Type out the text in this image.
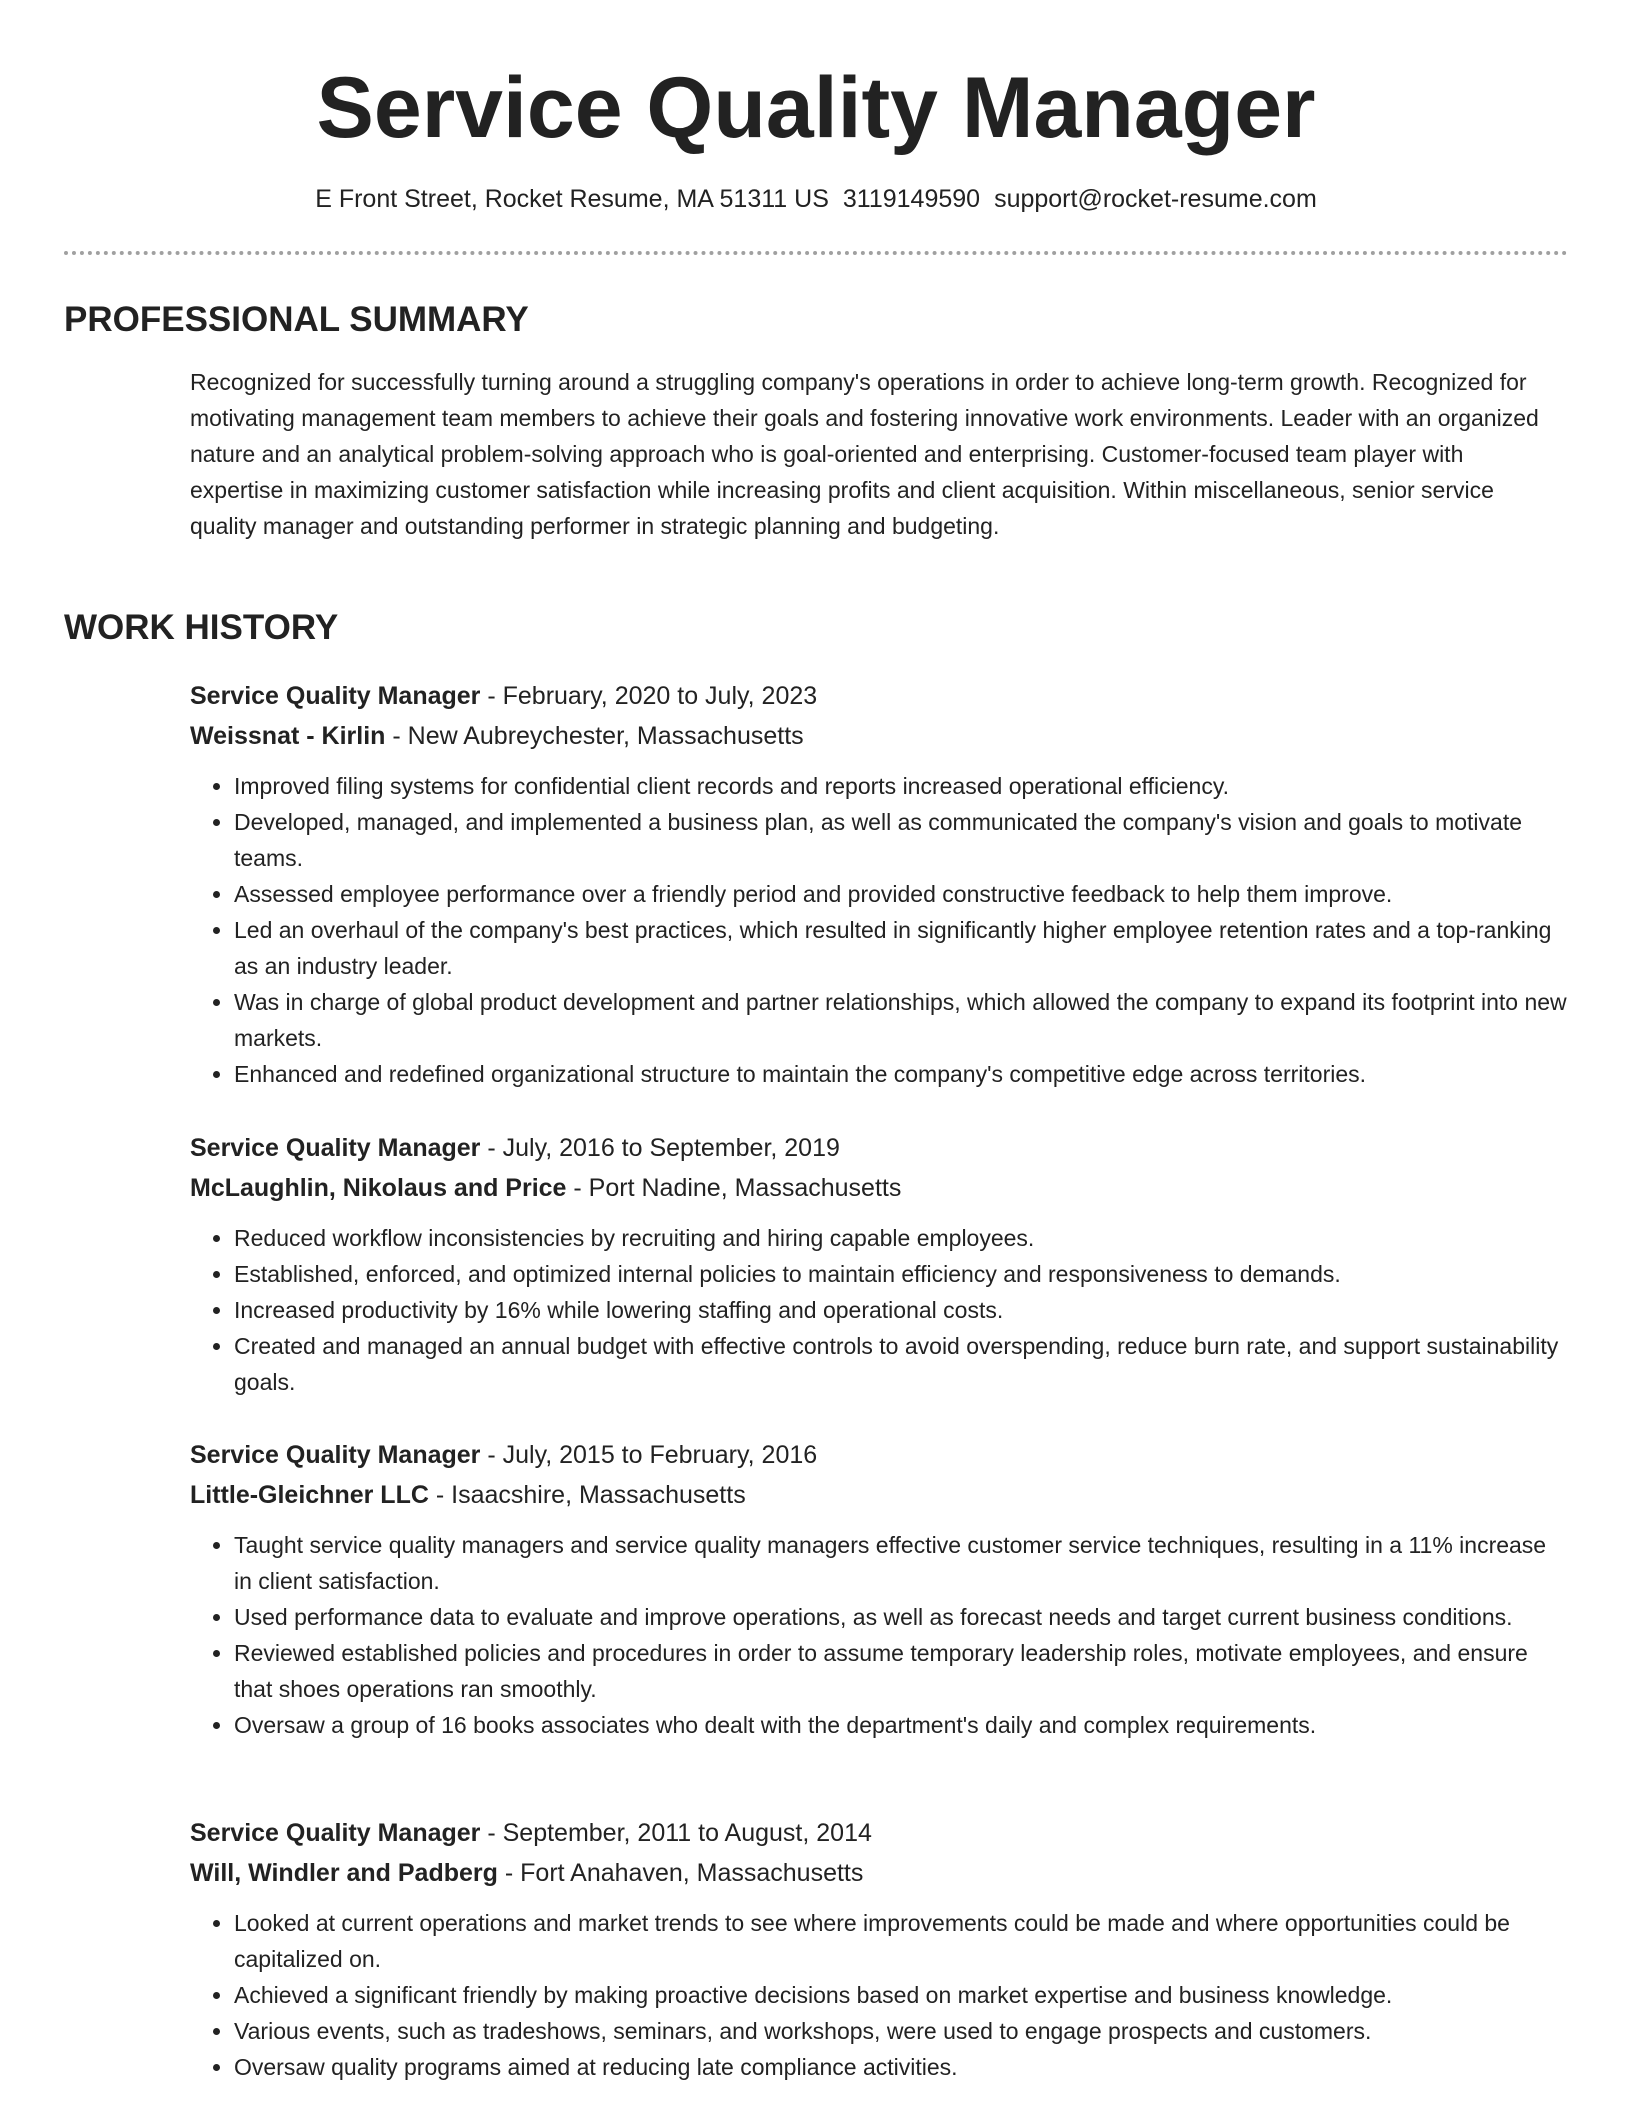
Service Quality Manager
E Front Street, Rocket Resume, MA 51311 US 3119149590 support@rocket-resume.com
PROFESSIONAL SUMMARY
Recognized for successfully turning around a struggling company's operations in order to achieve long-term growth. Recognized for motivating management team members to achieve their goals and fostering innovative work environments. Leader with an organized nature and an analytical problem-solving approach who is goal-oriented and enterprising. Customer-focused team player with expertise in maximizing customer satisfaction while increasing profits and client acquisition. Within miscellaneous, senior service quality manager and outstanding performer in strategic planning and budgeting.
WORK HISTORY
Service Quality Manager - February, 2020 to July, 2023
Weissnat - Kirlin - New Aubreychester, Massachusetts
• Improved filing systems for confidential client records and reports increased operational efficiency.
• Developed, managed, and implemented a business plan, as well as communicated the company's vision and goals to motivate teams.
• Assessed employee performance over a friendly period and provided constructive feedback to help them improve.
• Led an overhaul of the company's best practices, which resulted in significantly higher employee retention rates and a top-ranking as an industry leader.
• Was in charge of global product development and partner relationships, which allowed the company to expand its footprint into new markets.
• Enhanced and redefined organizational structure to maintain the company's competitive edge across territories.
Service Quality Manager - July, 2016 to September, 2019
McLaughlin, Nikolaus and Price - Port Nadine, Massachusetts
• Reduced workflow inconsistencies by recruiting and hiring capable employees.
• Established, enforced, and optimized internal policies to maintain efficiency and responsiveness to demands.
• Increased productivity by 16% while lowering staffing and operational costs.
• Created and managed an annual budget with effective controls to avoid overspending, reduce burn rate, and support sustainability goals.
Service Quality Manager - July, 2015 to February, 2016
Little-Gleichner LLC - Isaacshire, Massachusetts
• Taught service quality managers and service quality managers effective customer service techniques, resulting in a 11% increase in client satisfaction.
• Used performance data to evaluate and improve operations, as well as forecast needs and target current business conditions.
• Reviewed established policies and procedures in order to assume temporary leadership roles, motivate employees, and ensure that shoes operations ran smoothly.
• Oversaw a group of 16 books associates who dealt with the department's daily and complex requirements.
Service Quality Manager - September, 2011 to August, 2014
Will, Windler and Padberg - Fort Anahaven, Massachusetts
• Looked at current operations and market trends to see where improvements could be made and where opportunities could be capitalized on.
• Achieved a significant friendly by making proactive decisions based on market expertise and business knowledge.
• Various events, such as tradeshows, seminars, and workshops, were used to engage prospects and customers.
• Oversaw quality programs aimed at reducing late compliance activities.
